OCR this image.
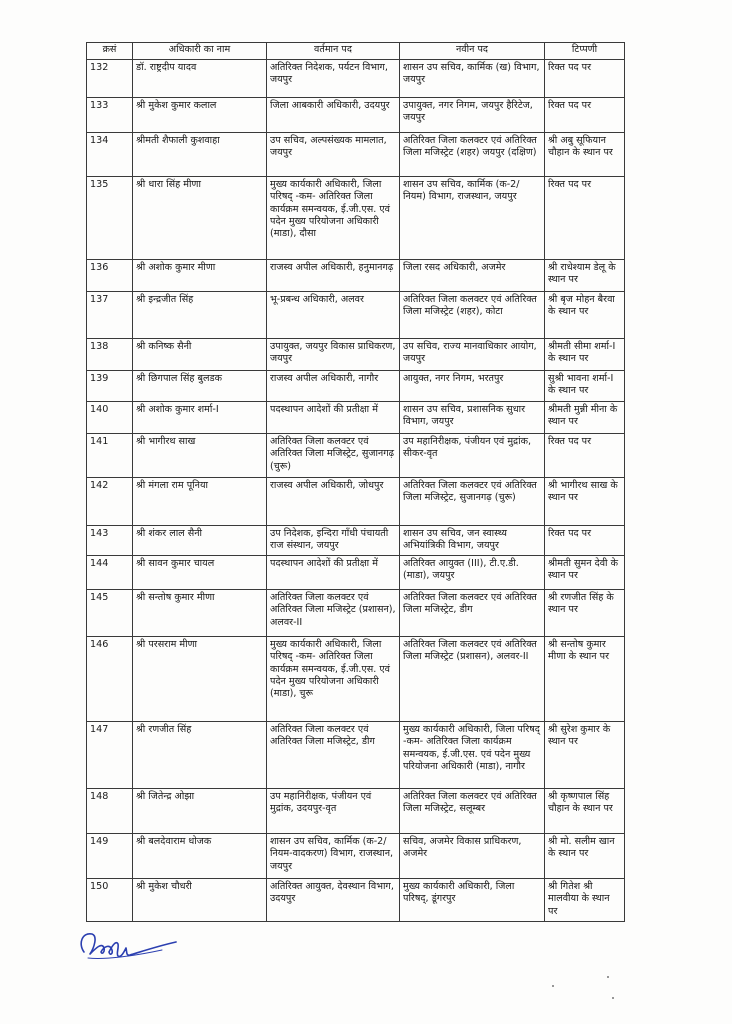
क्रसं	अधिकारी का नाम	वर्तमान पद	नवीन पद	टिप्पणी
132	डॉ. राष्ट्रदीप यादव	अतिरिक्त निदेशक, पर्यटन विभाग, जयपुर	शासन उप सचिव, कार्मिक (ख) विभाग, जयपुर	रिक्त पद पर
133	श्री मुकेश कुमार कलाल	जिला आबकारी अधिकारी, उदयपुर	उपायुक्त, नगर निगम, जयपुर हैरिटेज, जयपुर	रिक्त पद पर
134	श्रीमती शैफाली कुशवाहा	उप सचिव, अल्पसंख्यक मामलात, जयपुर	अतिरिक्त जिला कलक्टर एवं अतिरिक्त जिला मजिस्ट्रेट (शहर) जयपुर (दक्षिण)	श्री अबु सूफियान चौहान के स्थान पर
135	श्री धारा सिंह मीणा	मुख्य कार्यकारी अधिकारी, जिला परिषद् -कम- अतिरिक्त जिला कार्यक्रम समन्वयक, ई.जी.एस. एवं पदेन मुख्य परियोजना अधिकारी (माडा), दौसा	शासन उप सचिव, कार्मिक (क-2/नियम) विभाग, राजस्थान, जयपुर	रिक्त पद पर
136	श्री अशोक कुमार मीणा	राजस्व अपील अधिकारी, हनुमानगढ़	जिला रसद अधिकारी, अजमेर	श्री राधेश्याम डेलू के स्थान पर
137	श्री इन्द्रजीत सिंह	भू-प्रबन्ध अधिकारी, अलवर	अतिरिक्त जिला कलक्टर एवं अतिरिक्त जिला मजिस्ट्रेट (शहर), कोटा	श्री बृज मोहन बैरवा के स्थान पर
138	श्री कनिष्क सैनी	उपायुक्त, जयपुर विकास प्राधिकरण, जयपुर	उप सचिव, राज्य मानवाधिकार आयोग, जयपुर	श्रीमती सीमा शर्मा-I के स्थान पर
139	श्री छिगपाल सिंह बुलडक	राजस्व अपील अधिकारी, नागौर	आयुक्त, नगर निगम, भरतपुर	सुश्री भावना शर्मा-I के स्थान पर
140	श्री अशोक कुमार शर्मा-I	पदस्थापन आदेशों की प्रतीक्षा में	शासन उप सचिव, प्रशासनिक सुधार विभाग, जयपुर	श्रीमती मुन्नी मीना के स्थान पर
141	श्री भागीरथ साख	अतिरिक्त जिला कलक्टर एवं अतिरिक्त जिला मजिस्ट्रेट, सुजानगढ़ (चुरू)	उप महानिरीक्षक, पंजीयन एवं मुद्रांक, सीकर-वृत	रिक्त पद पर
142	श्री मंगला राम पूनिया	राजस्व अपील अधिकारी, जोधपुर	अतिरिक्त जिला कलक्टर एवं अतिरिक्त जिला मजिस्ट्रेट, सुजानगढ़ (चुरू)	श्री भागीरथ साख के स्थान पर
143	श्री शंकर लाल सैनी	उप निदेशक, इन्दिरा गाँधी पंचायती राज संस्थान, जयपुर	शासन उप सचिव, जन स्वास्थ्य अभियांत्रिकी विभाग, जयपुर	रिक्त पद पर
144	श्री सावन कुमार चायल	पदस्थापन आदेशों की प्रतीक्षा में	अतिरिक्त आयुक्त (III), टी.ए.डी. (माडा), जयपुर	श्रीमती सुमन देवी के स्थान पर
145	श्री सन्तोष कुमार मीणा	अतिरिक्त जिला कलक्टर एवं अतिरिक्त जिला मजिस्ट्रेट (प्रशासन), अलवर-II	अतिरिक्त जिला कलक्टर एवं अतिरिक्त जिला मजिस्ट्रेट, डीग	श्री रणजीत सिंह के स्थान पर
146	श्री परसराम मीणा	मुख्य कार्यकारी अधिकारी, जिला परिषद् -कम- अतिरिक्त जिला कार्यक्रम समन्वयक, ई.जी.एस. एवं पदेन मुख्य परियोजना अधिकारी (माडा), चुरू	अतिरिक्त जिला कलक्टर एवं अतिरिक्त जिला मजिस्ट्रेट (प्रशासन), अलवर-II	श्री सन्तोष कुमार मीणा के स्थान पर
147	श्री रणजीत सिंह	अतिरिक्त जिला कलक्टर एवं अतिरिक्त जिला मजिस्ट्रेट, डीग	मुख्य कार्यकारी अधिकारी, जिला परिषद् -कम- अतिरिक्त जिला कार्यक्रम समन्वयक, ई.जी.एस. एवं पदेन मुख्य परियोजना अधिकारी (माडा), नागौर	श्री सुरेश कुमार के स्थान पर
148	श्री जितेन्द्र ओझा	उप महानिरीक्षक, पंजीयन एवं मुद्रांक, उदयपुर-वृत	अतिरिक्त जिला कलक्टर एवं अतिरिक्त जिला मजिस्ट्रेट, सलूम्बर	श्री कृष्णपाल सिंह चौहान के स्थान पर
149	श्री बलदेवाराम धोजक	शासन उप सचिव, कार्मिक (क-2/नियम-वादकरण) विभाग, राजस्थान, जयपुर	सचिव, अजमेर विकास प्राधिकरण, अजमेर	श्री मो. सलीम खान के स्थान पर
150	श्री मुकेश चौधरी	अतिरिक्त आयुक्त, देवस्थान विभाग, उदयपुर	मुख्य कार्यकारी अधिकारी, जिला परिषद्, डूंगरपुर	श्री गितेश श्री मालवीया के स्थान पर
